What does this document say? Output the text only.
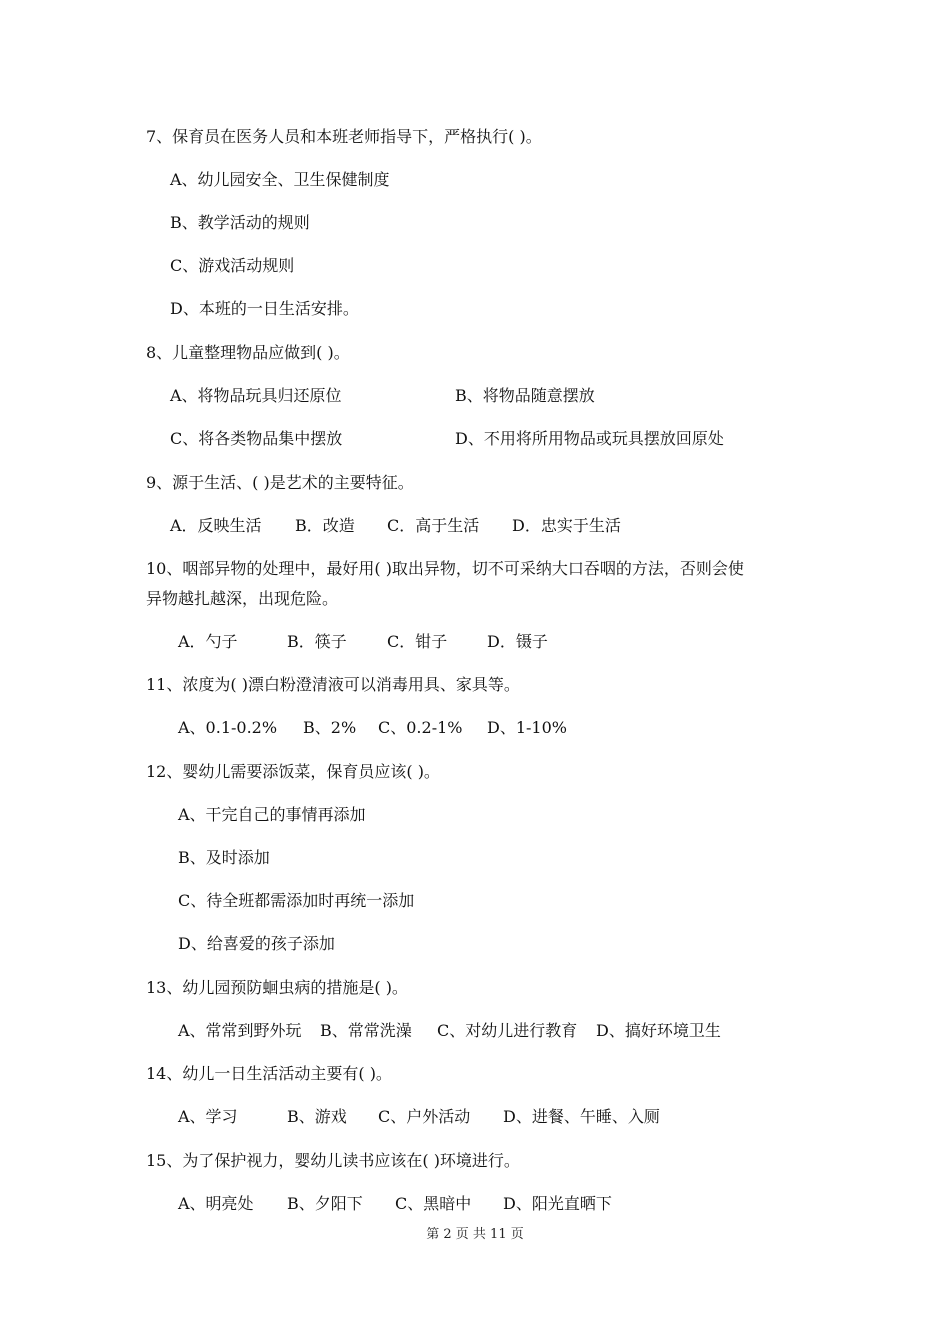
7、保育员在医务人员和本班老师指导下，严格执行( )。
A、幼儿园安全、卫生保健制度
B、教学活动的规则
C、游戏活动规则
D、本班的一日生活安排。
8、儿童整理物品应做到( )。
A、将物品玩具归还原位	B、将物品随意摆放
C、将各类物品集中摆放	D、不用将所用物品或玩具摆放回原处
9、源于生活、( )是艺术的主要特征。
A．反映生活 B．改造 C．高于生活 D．忠实于生活
10、咽部异物的处理中，最好用( )取出异物，切不可采纳大口吞咽的方法，否则会使
异物越扎越深，出现危险。
A．勺子	B．筷子	C．钳子 D．镊子
11、浓度为( )漂白粉澄清液可以消毒用具、家具等。
A、0.1-0.2% B、2% C、0.2-1% D、1-10%
12、婴幼儿需要添饭菜，保育员应该( )。
A、干完自己的事情再添加
B、及时添加
C、待全班都需添加时再统一添加
D、给喜爱的孩子添加
13、幼儿园预防蛔虫病的措施是( )。
A、常常到野外玩 B、常常洗澡 C、对幼儿进行教育 D、搞好环境卫生
14、幼儿一日生活活动主要有( )。
A、学习	B、游戏 C、户外活动 D、进餐、午睡、入厕
15、为了保护视力，婴幼儿读书应该在( )环境进行。
A、明亮处 B、夕阳下 C、黑暗中 D、阳光直晒下
第 2 页 共 11 页
